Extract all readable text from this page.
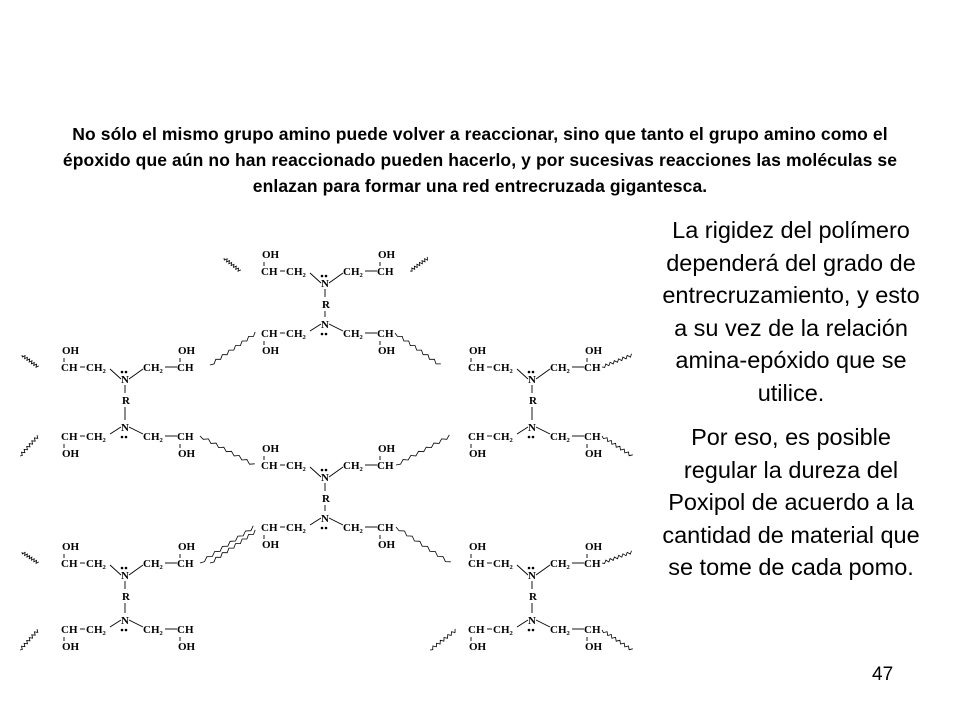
No sólo el mismo grupo amino puede volver a reaccionar, sino que tanto el grupo amino como el époxido que aún no han reaccionado pueden hacerlo, y por sucesivas reacciones las moléculas se enlazan para formar una red entrecruzada gigantesca.
OH	OH
CH CH₂	CH₂ CH
OH	OH
CH CH₂	CH₂ CH
N
R
N
OH	OH
CH CH₂	CH₂ CH
OH	OH
CH CH₂	CH₂ CH
N
R
N
OH	OH
CH CH₂	CH₂ CH
OH	OH
CH CH₂	CH₂ CH
N
R
N
OH	OH
CH CH₂	CH₂ CH
OH	OH
CH CH₂	CH₂ CH
N
R
N
OH	OH
CH CH₂	CH₂ CH
OH	OH
CH CH₂	CH₂ CH
N
R
N
OH	OH
CH CH₂	CH₂ CH
OH	OH
CH CH₂	CH₂ CH
N
R
N

La rigidez del polímero dependerá del grado de entrecruzamiento, y esto a su vez de la relación amina-epóxido que se utilice.

Por eso, es posible regular la dureza del Poxipol de acuerdo a la cantidad de material que se tome de cada pomo.

47
